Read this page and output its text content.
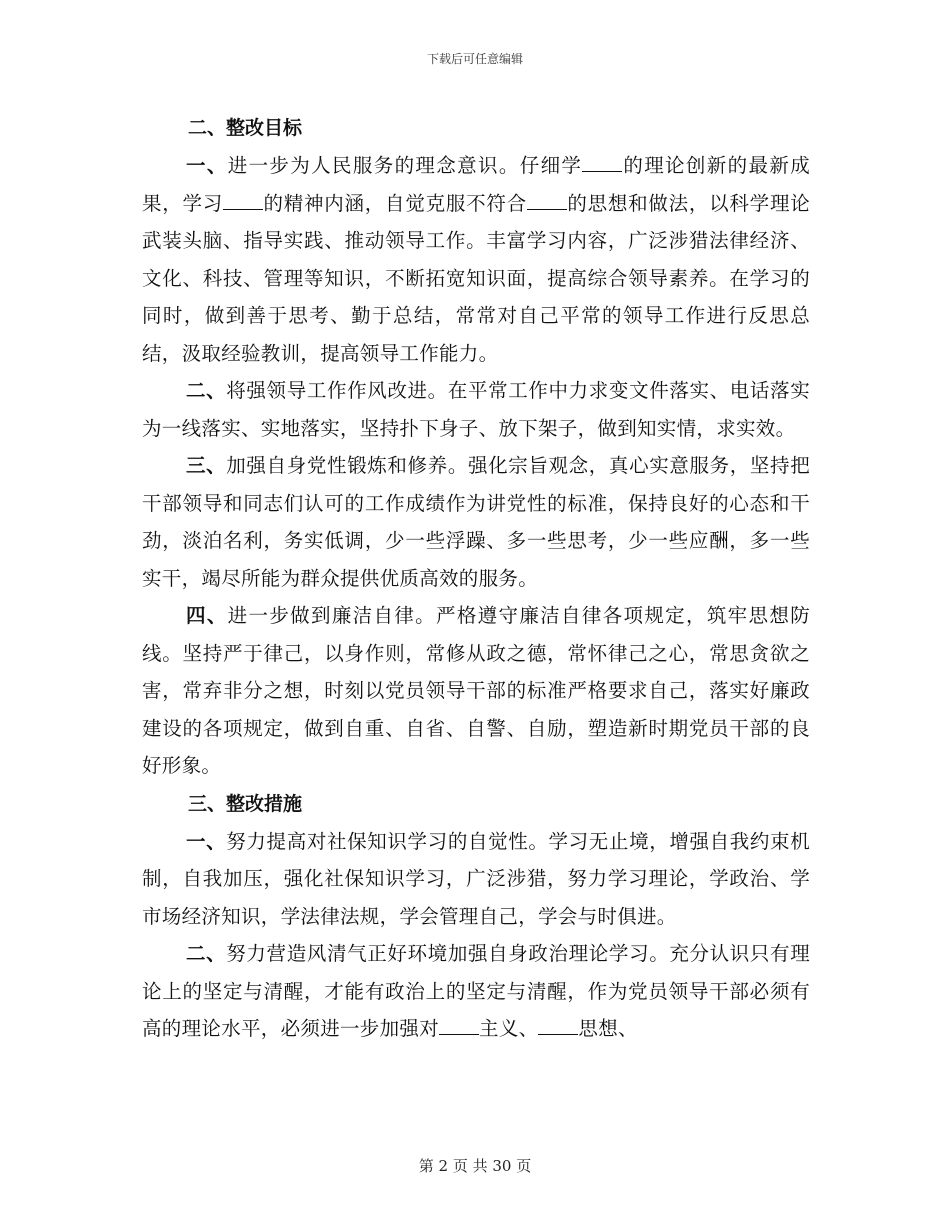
下载后可任意编辑
二、整改目标

一、进一步为人民服务的理念意识。仔细学 的理论创新的最新成果，学习 的精神内涵，自觉克服不符合 的思想和做法，以科学理论武装头脑、指导实践、推动领导工作。丰富学习内容，广泛涉猎法律经济、文化、科技、管理等知识，不断拓宽知识面，提高综合领导素养。在学习的同时，做到善于思考、勤于总结，常常对自己平常的领导工作进行反思总结，汲取经验教训，提高领导工作能力。

二、将强领导工作作风改进。在平常工作中力求变文件落实、电话落实为一线落实、实地落实，坚持扑下身子、放下架子，做到知实情，求实效。

三、加强自身党性锻炼和修养。强化宗旨观念，真心实意服务，坚持把干部领导和同志们认可的工作成绩作为讲党性的标准，保持良好的心态和干劲，淡泊名利，务实低调，少一些浮躁、多一些思考，少一些应酬，多一些实干，竭尽所能为群众提供优质高效的服务。

四、进一步做到廉洁自律。严格遵守廉洁自律各项规定，筑牢思想防线。坚持严于律己，以身作则，常修从政之德，常怀律己之心，常思贪欲之害，常弃非分之想，时刻以党员领导干部的标准严格要求自己，落实好廉政建设的各项规定，做到自重、自省、自警、自励，塑造新时期党员干部的良好形象。

三、整改措施

一、努力提高对社保知识学习的自觉性。学习无止境，增强自我约束机制，自我加压，强化社保知识学习，广泛涉猎，努力学习理论，学政治、学市场经济知识，学法律法规，学会管理自己，学会与时俱进。

二、努力营造风清气正好环境加强自身政治理论学习。充分认识只有理论上的坚定与清醒，才能有政治上的坚定与清醒，作为党员领导干部必须有高的理论水平，必须进一步加强对 主义、 思想、

第 2 页 共 30 页
